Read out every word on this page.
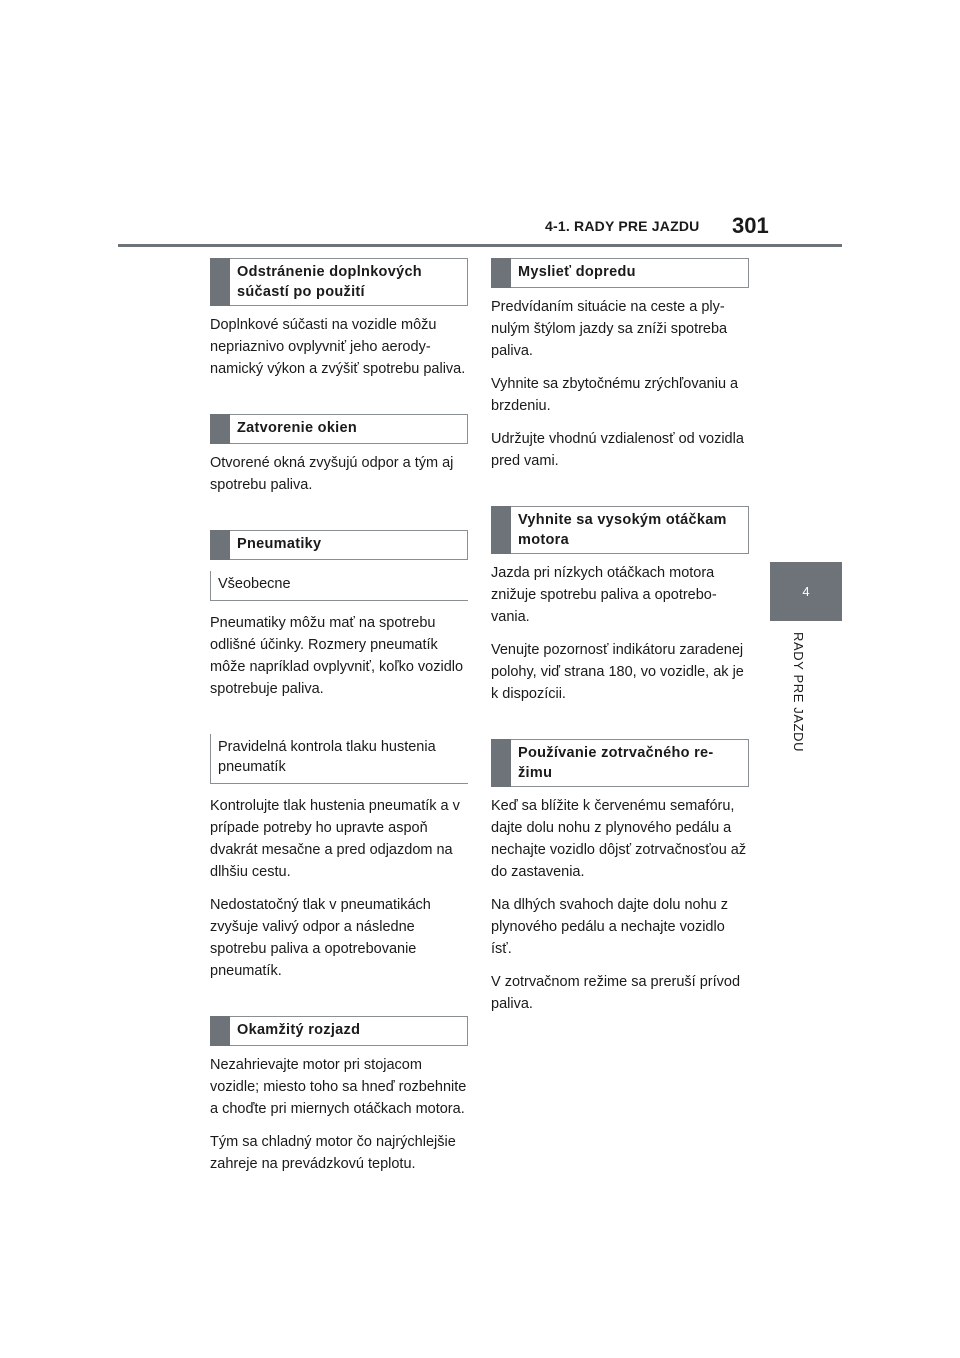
4-1. RADY PRE JAZDU 301
4
RADY PRE JAZDU
Odstránenie doplnkových súčastí po použití

Doplnkové súčasti na vozidle môžu nepriaznivo ovplyvniť jeho aerodynamický výkon a zvýšiť spotrebu paliva.

Zatvorenie okien

Otvorené okná zvyšujú odpor a tým aj spotrebu paliva.

Pneumatiky
Všeobecne

Pneumatiky môžu mať na spotrebu odlišné účinky. Rozmery pneumatík môže napríklad ovplyvniť, koľko vozidlo spotrebuje paliva.

Pravidelná kontrola tlaku hustenia pneumatík

Kontrolujte tlak hustenia pneumatík a v prípade potreby ho upravte aspoň dvakrát mesačne a pred odjazdom na dlhšiu cestu.

Nedostatočný tlak v pneumatikách zvyšuje valivý odpor a následne spotrebu paliva a opotrebovanie pneumatík.

Okamžitý rozjazd

Nezahrievajte motor pri stojacom vozidle; miesto toho sa hneď rozbehnite a choďte pri miernych otáčkach motora.

Tým sa chladný motor čo najrýchlejšie zahreje na prevádzkovú teplotu.

Myslieť dopredu

Predvídaním situácie na ceste a plynulým štýlom jazdy sa zníži spotreba paliva.

Vyhnite sa zbytočnému zrýchľovaniu a brzdeniu.

Udržujte vhodnú vzdialenosť od vozidla pred vami.

Vyhnite sa vysokým otáčkam motora

Jazda pri nízkych otáčkach motora znižuje spotrebu paliva a opotrebovania.

Venujte pozornosť indikátoru zaradenej polohy, viď strana 180, vo vozidle, ak je k dispozícii.

Používanie zotrvačného režimu

Keď sa blížite k červenému semafóru, dajte dolu nohu z plynového pedálu a nechajte vozidlo dôjsť zotrvačnosťou až do zastavenia.

Na dlhých svahoch dajte dolu nohu z plynového pedálu a nechajte vozidlo ísť.

V zotrvačnom režime sa preruší prívod paliva.
